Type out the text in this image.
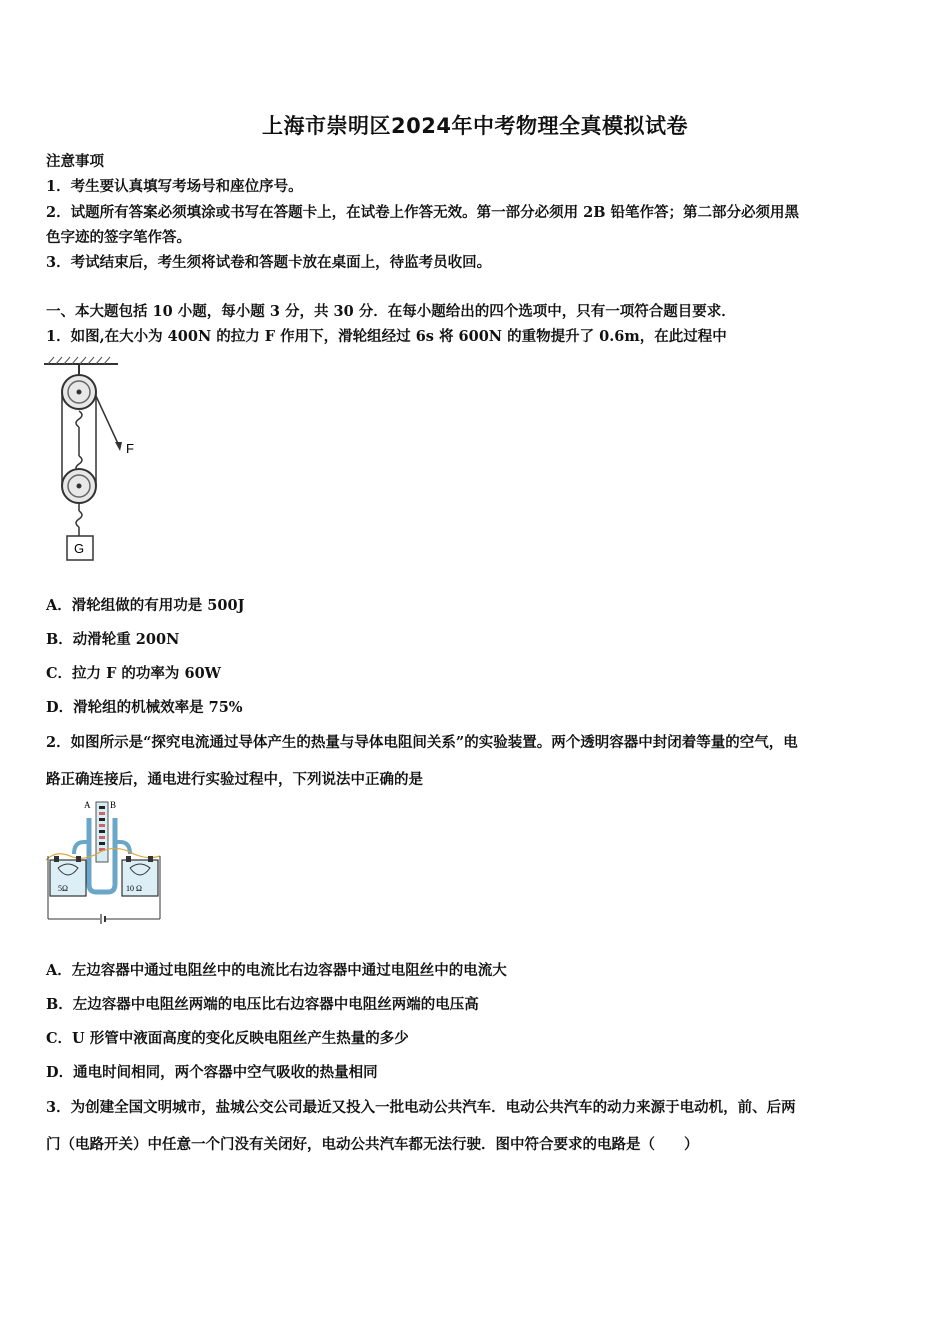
上海市崇明区2024年中考物理全真模拟试卷
注意事项
1．考生要认真填写考场号和座位序号。
2．试题所有答案必须填涂或书写在答题卡上，在试卷上作答无效。第一部分必须用 2B 铅笔作答；第二部分必须用黑
色字迹的签字笔作答。
3．考试结束后，考生须将试卷和答题卡放在桌面上，待监考员收回。
一、本大题包括 10 小题，每小题 3 分，共 30 分．在每小题给出的四个选项中，只有一项符合题目要求．
1．如图,在大小为 400N 的拉力 F 作用下，滑轮组经过 6s 将 600N 的重物提升了 0.6m，在此过程中
F
G
A．滑轮组做的有用功是 500J
B．动滑轮重 200N
C．拉力 F 的功率为 60W
D．滑轮组的机械效率是 75%
2．如图所示是“探究电流通过导体产生的热量与导体电阻间关系”的实验装置。两个透明容器中封闭着等量的空气，电
路正确连接后，通电进行实验过程中，下列说法中正确的是
A B
5Ω	10 Ω
A．左边容器中通过电阻丝中的电流比右边容器中通过电阻丝中的电流大
B．左边容器中电阻丝两端的电压比右边容器中电阻丝两端的电压高
C．U 形管中液面高度的变化反映电阻丝产生热量的多少
D．通电时间相同，两个容器中空气吸收的热量相同
3．为创建全国文明城市，盐城公交公司最近又投入一批电动公共汽车．电动公共汽车的动力来源于电动机，前、后两
门（电路开关）中任意一个门没有关闭好，电动公共汽车都无法行驶．图中符合要求的电路是（　　）
